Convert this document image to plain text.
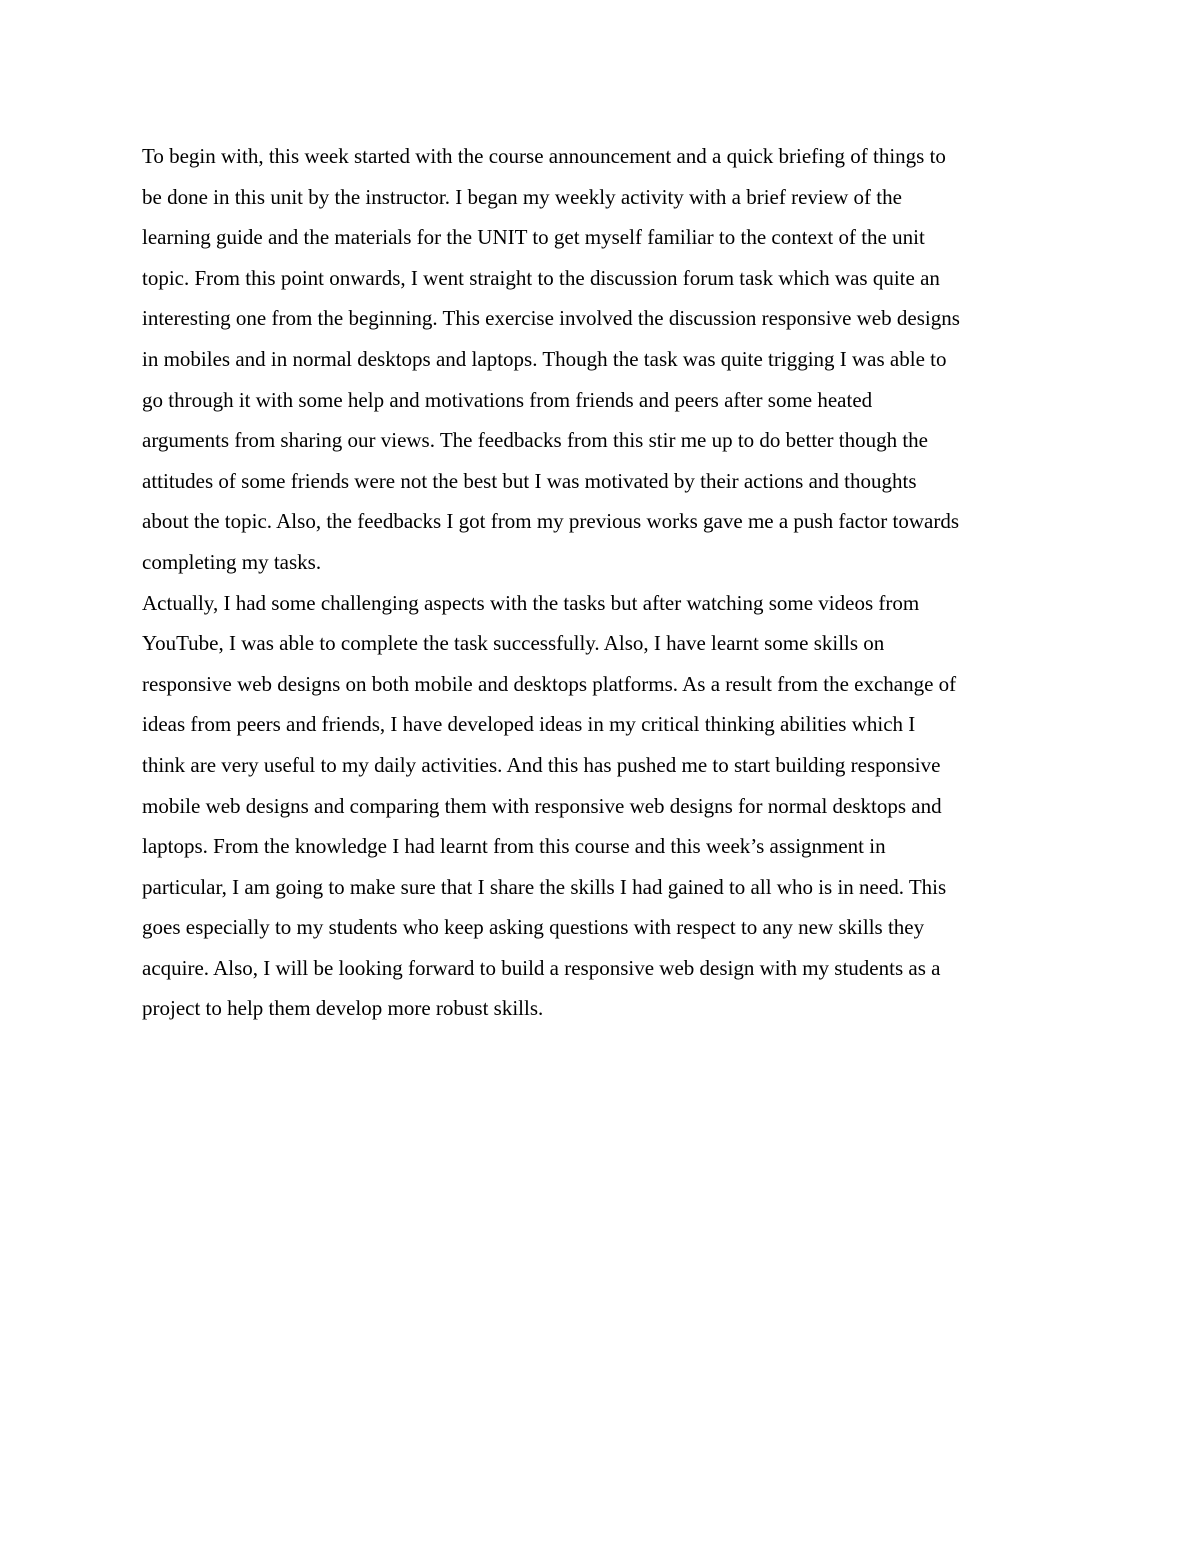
To begin with, this week started with the course announcement and a quick briefing of things to
be done in this unit by the instructor. I began my weekly activity with a brief review of the
learning guide and the materials for the UNIT to get myself familiar to the context of the unit
topic. From this point onwards, I went straight to the discussion forum task which was quite an
interesting one from the beginning. This exercise involved the discussion responsive web designs
in mobiles and in normal desktops and laptops. Though the task was quite trigging I was able to
go through it with some help and motivations from friends and peers after some heated
arguments from sharing our views. The feedbacks from this stir me up to do better though the
attitudes of some friends were not the best but I was motivated by their actions and thoughts
about the topic. Also, the feedbacks I got from my previous works gave me a push factor towards
completing my tasks.

Actually, I had some challenging aspects with the tasks but after watching some videos from
YouTube, I was able to complete the task successfully. Also, I have learnt some skills on
responsive web designs on both mobile and desktops platforms. As a result from the exchange of
ideas from peers and friends, I have developed ideas in my critical thinking abilities which I
think are very useful to my daily activities. And this has pushed me to start building responsive
mobile web designs and comparing them with responsive web designs for normal desktops and
laptops. From the knowledge I had learnt from this course and this week’s assignment in
particular, I am going to make sure that I share the skills I had gained to all who is in need. This
goes especially to my students who keep asking questions with respect to any new skills they
acquire. Also, I will be looking forward to build a responsive web design with my students as a
project to help them develop more robust skills.
